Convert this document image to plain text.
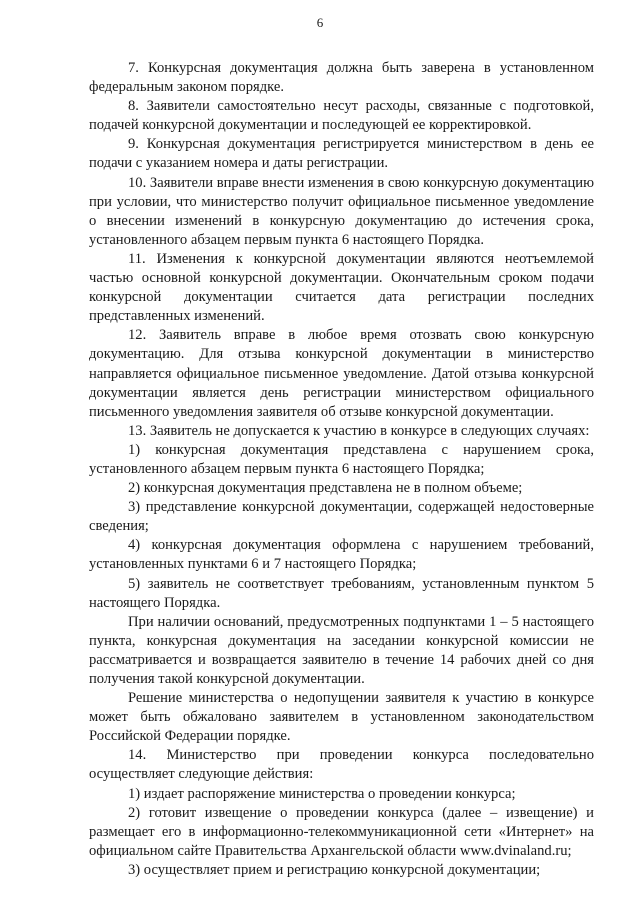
6

7. Конкурсная документация должна быть заверена в установленном федеральным законом порядке.

8. Заявители самостоятельно несут расходы, связанные с подготовкой, подачей конкурсной документации и последующей ее корректировкой.

9. Конкурсная документация регистрируется министерством в день ее подачи с указанием номера и даты регистрации.

10. Заявители вправе внести изменения в свою конкурсную документацию при условии, что министерство получит официальное письменное уведомление о внесении изменений в конкурсную документацию до истечения срока, установленного абзацем первым пункта 6 настоящего Порядка.

11. Изменения к конкурсной документации являются неотъемлемой частью основной конкурсной документации. Окончательным сроком подачи конкурсной документации считается дата регистрации последних представленных изменений.

12. Заявитель вправе в любое время отозвать свою конкурсную документацию. Для отзыва конкурсной документации в министерство направляется официальное письменное уведомление. Датой отзыва конкурсной документации является день регистрации министерством официального письменного уведомления заявителя об отзыве конкурсной документации.

13. Заявитель не допускается к участию в конкурсе в следующих случаях:

1) конкурсная документация представлена с нарушением срока, установленного абзацем первым пункта 6 настоящего Порядка;

2) конкурсная документация представлена не в полном объеме;

3) представление конкурсной документации, содержащей недостоверные сведения;

4) конкурсная документация оформлена с нарушением требований, установленных пунктами 6 и 7 настоящего Порядка;

5) заявитель не соответствует требованиям, установленным пунктом 5 настоящего Порядка.

При наличии оснований, предусмотренных подпунктами 1 – 5 настоящего пункта, конкурсная документация на заседании конкурсной комиссии не рассматривается и возвращается заявителю в течение 14 рабочих дней со дня получения такой конкурсной документации.

Решение министерства о недопущении заявителя к участию в конкурсе может быть обжаловано заявителем в установленном законодательством Российской Федерации порядке.

14. Министерство при проведении конкурса последовательно осуществляет следующие действия:

1) издает распоряжение министерства о проведении конкурса;

2) готовит извещение о проведении конкурса (далее – извещение) и размещает его в информационно-телекоммуникационной сети «Интернет» на официальном сайте Правительства Архангельской области www.dvinaland.ru;

3) осуществляет прием и регистрацию конкурсной документации;
